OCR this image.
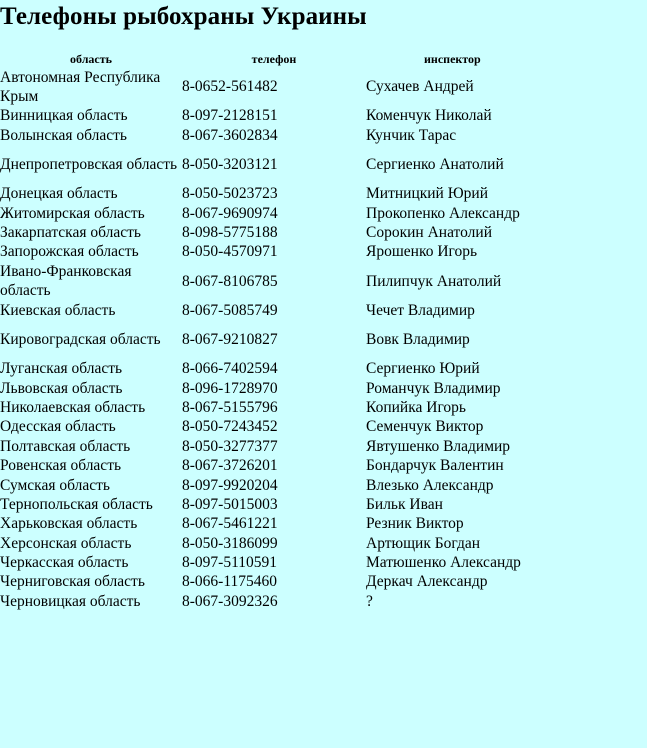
Телефоны рыбохраны Украины
область	телефон	инспектор
Автономная Республика Крым	8-0652-561482	Сухачев Андрей
Винницкая область	8-097-2128151	Коменчук Николай
Волынская область	8-067-3602834	Кунчик Тарас
Днепропетровская область	8-050-3203121	Сергиенко Анатолий
Донецкая область	8-050-5023723	Митницкий Юрий
Житомирская область	8-067-9690974	Прокопенко Александр
Закарпатская область	8-098-5775188	Сорокин Анатолий
Запорожская область	8-050-4570971	Ярошенко Игорь
Ивано-Франковская область	8-067-8106785	Пилипчук Анатолий
Киевская область	8-067-5085749	Чечет Владимир
Кировоградская область	8-067-9210827	Вовк Владимир
Луганская область	8-066-7402594	Сергиенко Юрий
Львовская область	8-096-1728970	Романчук Владимир
Николаевская область	8-067-5155796	Копийка Игорь
Одесская область	8-050-7243452	Семенчук Виктор
Полтавская область	8-050-3277377	Явтушенко Владимир
Ровенская область	8-067-3726201	Бондарчук Валентин
Сумская область	8-097-9920204	Влезько Александр
Тернопольская область	8-097-5015003	Бильк Иван
Харьковская область	8-067-5461221	Резник Виктор
Херсонская область	8-050-3186099	Артющик Богдан
Черкасская область	8-097-5110591	Матюшенко Александр
Черниговская область	8-066-1175460	Деркач Александр
Черновицкая область	8-067-3092326	?
